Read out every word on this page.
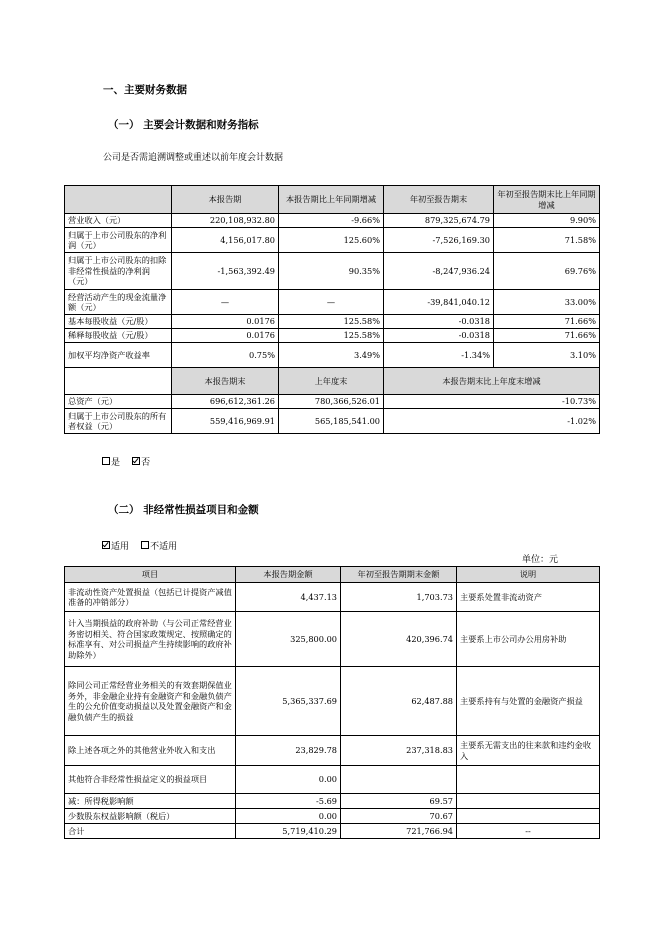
一、主要财务数据
（一） 主要会计数据和财务指标
公司是否需追溯调整或重述以前年度会计数据
	本报告期	本报告期比上年同期增减	年初至报告期末	年初至报告期末比上年同期增减
营业收入（元）	220,108,932.80	-9.66%	879,325,674.79	9.90%
归属于上市公司股东的净利润（元）	4,156,017.80	125.60%	-7,526,169.30	71.58%
归属于上市公司股东的扣除非经常性损益的净利润（元）	-1,563,392.49	90.35%	-8,247,936.24	69.76%
经营活动产生的现金流量净额（元）	—	—	-39,841,040.12	33.00%
基本每股收益（元/股）	0.0176	125.58%	-0.0318	71.66%
稀释每股收益（元/股）	0.0176	125.58%	-0.0318	71.66%
加权平均净资产收益率	0.75%	3.49%	-1.34%	3.10%
	本报告期末	上年度末	本报告期末比上年度末增减	
总资产（元）	696,612,361.26	780,366,526.01	-10.73%	
归属于上市公司股东的所有者权益（元）	559,416,969.91	565,185,541.00	-1.02%	
是
否
（二） 非经常性损益项目和金额
适用
不适用
单位：元
项目	本报告期金额	年初至报告期期末金额	说明
非流动性资产处置损益（包括已计提资产减值准备的冲销部分）	4,437.13	1,703.73	主要系处置非流动资产
计入当期损益的政府补助（与公司正常经营业务密切相关、符合国家政策规定、按照确定的标准享有、对公司损益产生持续影响的政府补助除外）	325,800.00	420,396.74	主要系上市公司办公用房补助
除同公司正常经营业务相关的有效套期保值业务外，非金融企业持有金融资产和金融负债产生的公允价值变动损益以及处置金融资产和金融负债产生的损益	5,365,337.69	62,487.88	主要系持有与处置的金融资产损益
除上述各项之外的其他营业外收入和支出	23,829.78	237,318.83	主要系无需支出的往来款和违约金收入
其他符合非经常性损益定义的损益项目	0.00		
减：所得税影响额	-5.69	69.57	
少数股东权益影响额（税后）	0.00	70.67	
合计	5,719,410.29	721,766.94	--
